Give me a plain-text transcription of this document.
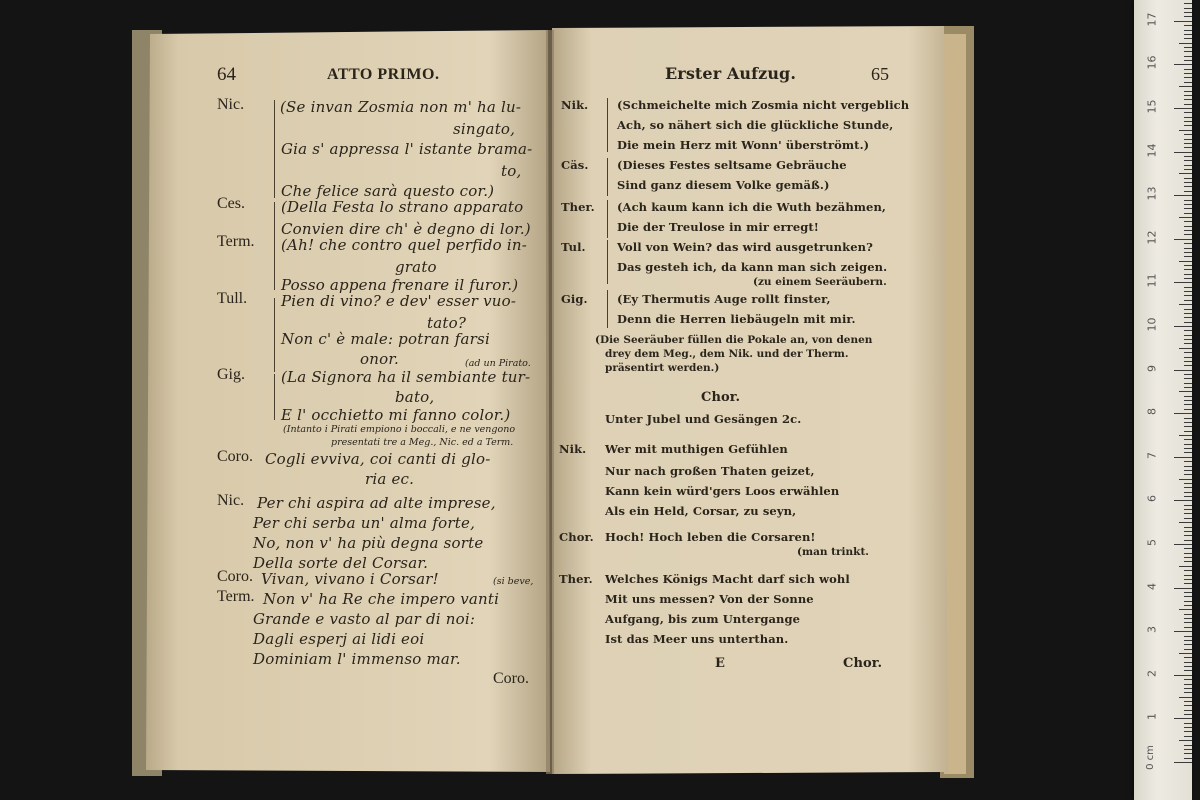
64	ATTO PRIMO.
Nic. (Se invan Zosmia non m' ha lu-
singato,
Gia s' appressa l' istante brama-
to,
Che felice sarà questo cor.)
Ces. (Della Festa lo strano apparato
Convien dire ch' è degno di lor.)
Term. (Ah! che contro quel perfido in-
grato
Posso appena frenare il furor.)
Tull. Pien di vino? e dev' esser vuo-
tato?
Non c' è male: potran farsi
onor.	(ad un Pirato.
Gig. (La Signora ha il sembiante tur-
bato,
E l' occhietto mi fanno color.)
(Intanto i Pirati empiono i boccali, e ne vengono
presentati tre a Meg., Nic. ed a Term.
Coro. Cogli evviva, coi canti di glo-
ria ec.
Nic. Per chi aspira ad alte imprese,
Per chi serba un' alma forte,
No, non v' ha più degna sorte
Della sorte del Corsar.
Coro. Vivan, vivano i Corsar!	(si beve,
Term. Non v' ha Re che impero vanti
Grande e vasto al par di noi:
Dagli esperj ai lidi eoi
Dominiam l' immenso mar.
Coro.
Erster Aufzug.	65
Nik. (Schmeichelte mich Zosmia nicht vergeblich
Ach, so nähert sich die glückliche Stunde,
Die mein Herz mit Wonn' überströmt.)
Cäs. (Dieses Festes seltsame Gebräuche
Sind ganz diesem Volke gemäß.)
Ther. (Ach kaum kann ich die Wuth bezähmen,
Die der Treulose in mir erregt!
Tul.	Voll von Wein? das wird ausgetrunken?
Das gesteh ich, da kann man sich zeigen.
(zu einem Seeräubern.
Gig.	(Ey Thermutis Auge rollt finster,
Denn die Herren liebäugeln mit mir.
(Die Seeräuber füllen die Pokale an, von denen
drey dem Meg., dem Nik. und der Therm.
präsentirt werden.)
Chor.
Unter Jubel und Gesängen 2c.
Nik. Wer mit muthigen Gefühlen
Nur nach großen Thaten geizet,
Kann kein würd'gers Loos erwählen
Als ein Held, Corsar, zu seyn,
Chor. Hoch! Hoch leben die Corsaren!
(man trinkt.
Ther. Welches Königs Macht darf sich wohl
Mit uns messen? Von der Sonne
Aufgang, bis zum Untergange
Ist das Meer uns unterthan.
E	Chor.
0 cm
1
2
3
4
5
6
7
8
9
10
11
12
13
14
15
16
17
